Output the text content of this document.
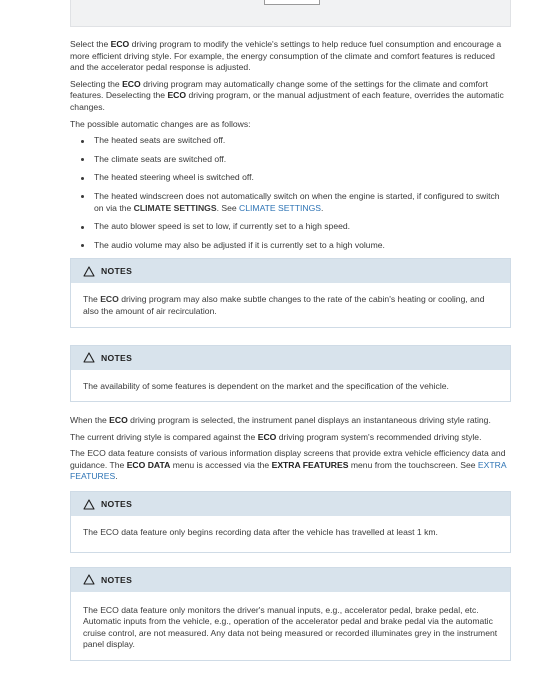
Select the ECO driving program to modify the vehicle's settings to help reduce fuel consumption and encourage a more efficient driving style. For example, the energy consumption of the climate and comfort features is reduced and the accelerator pedal response is adjusted.

Selecting the ECO driving program may automatically change some of the settings for the climate and comfort features. Deselecting the ECO driving program, or the manual adjustment of each feature, overrides the automatic changes.

The possible automatic changes are as follows:

The heated seats are switched off.
The climate seats are switched off.
The heated steering wheel is switched off.
The heated windscreen does not automatically switch on when the engine is started, if configured to switch on via the CLIMATE SETTINGS. See CLIMATE SETTINGS.
The auto blower speed is set to low, if currently set to a high speed.
The audio volume may also be adjusted if it is currently set to a high volume.
NOTES
The ECO driving program may also make subtle changes to the rate of the cabin's heating or cooling, and also the amount of air recirculation.
NOTES
The availability of some features is dependent on the market and the specification of the vehicle.

When the ECO driving program is selected, the instrument panel displays an instantaneous driving style rating.

The current driving style is compared against the ECO driving program system's recommended driving style.

The ECO data feature consists of various information display screens that provide extra vehicle efficiency data and guidance. The ECO DATA menu is accessed via the EXTRA FEATURES menu from the touchscreen. See EXTRA FEATURES.

NOTES
The ECO data feature only begins recording data after the vehicle has travelled at least 1 km.
NOTES
The ECO data feature only monitors the driver's manual inputs, e.g., accelerator pedal, brake pedal, etc. Automatic inputs from the vehicle, e.g., operation of the accelerator pedal and brake pedal via the automatic cruise control, are not measured. Any data not being measured or recorded illuminates grey in the instrument panel display.
